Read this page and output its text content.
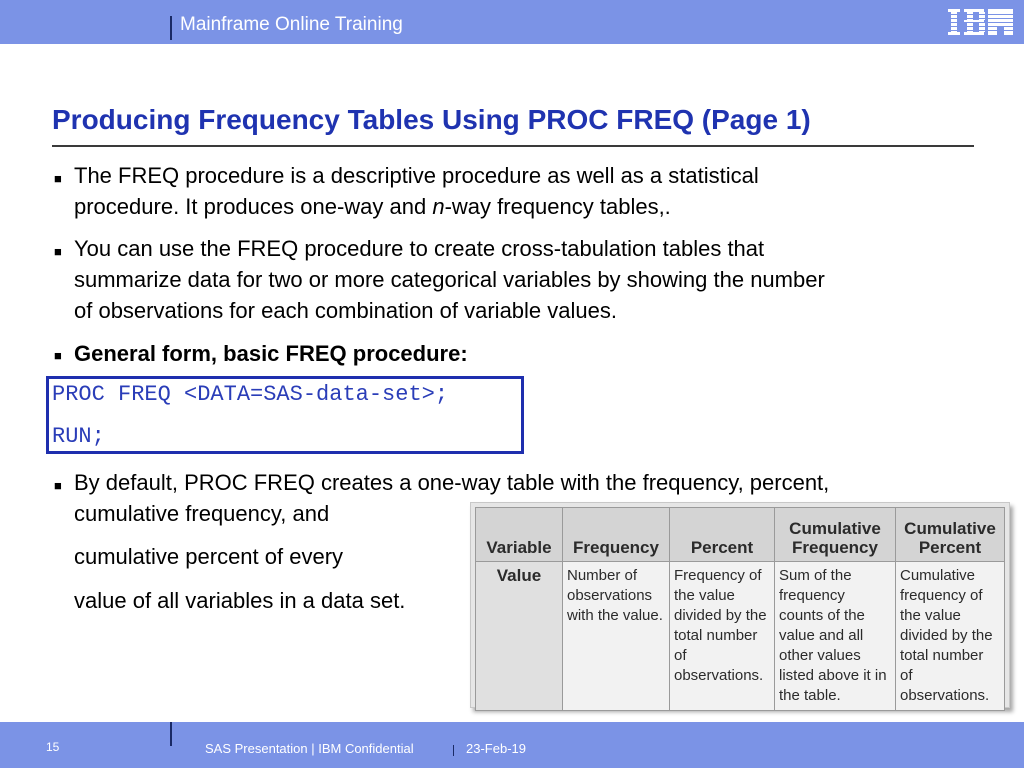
Mainframe Online Training
Producing Frequency Tables Using PROC FREQ (Page 1)
■ The FREQ procedure is a descriptive procedure as well as a statistical
procedure. It produces one-way and n-way frequency tables,.
■ You can use the FREQ procedure to create cross-tabulation tables that
summarize data for two or more categorical variables by showing the number
of observations for each combination of variable values.
■ General form, basic FREQ procedure:
PROC FREQ <DATA=SAS-data-set>;
RUN;
■ By default, PROC FREQ creates a one-way table with the frequency, percent,
cumulative frequency, and
cumulative percent of every
value of all variables in a data set.
Variable	Frequency	Percent	Cumulative Frequency	Cumulative Percent
Value	Number of observations with the value.	Frequency of the value divided by the total number of observations.	Sum of the frequency counts of the value and all other values listed above it in the table.	Cumulative frequency of the value divided by the total number of observations.
15	SAS Presentation | IBM Confidential	23-Feb-19
